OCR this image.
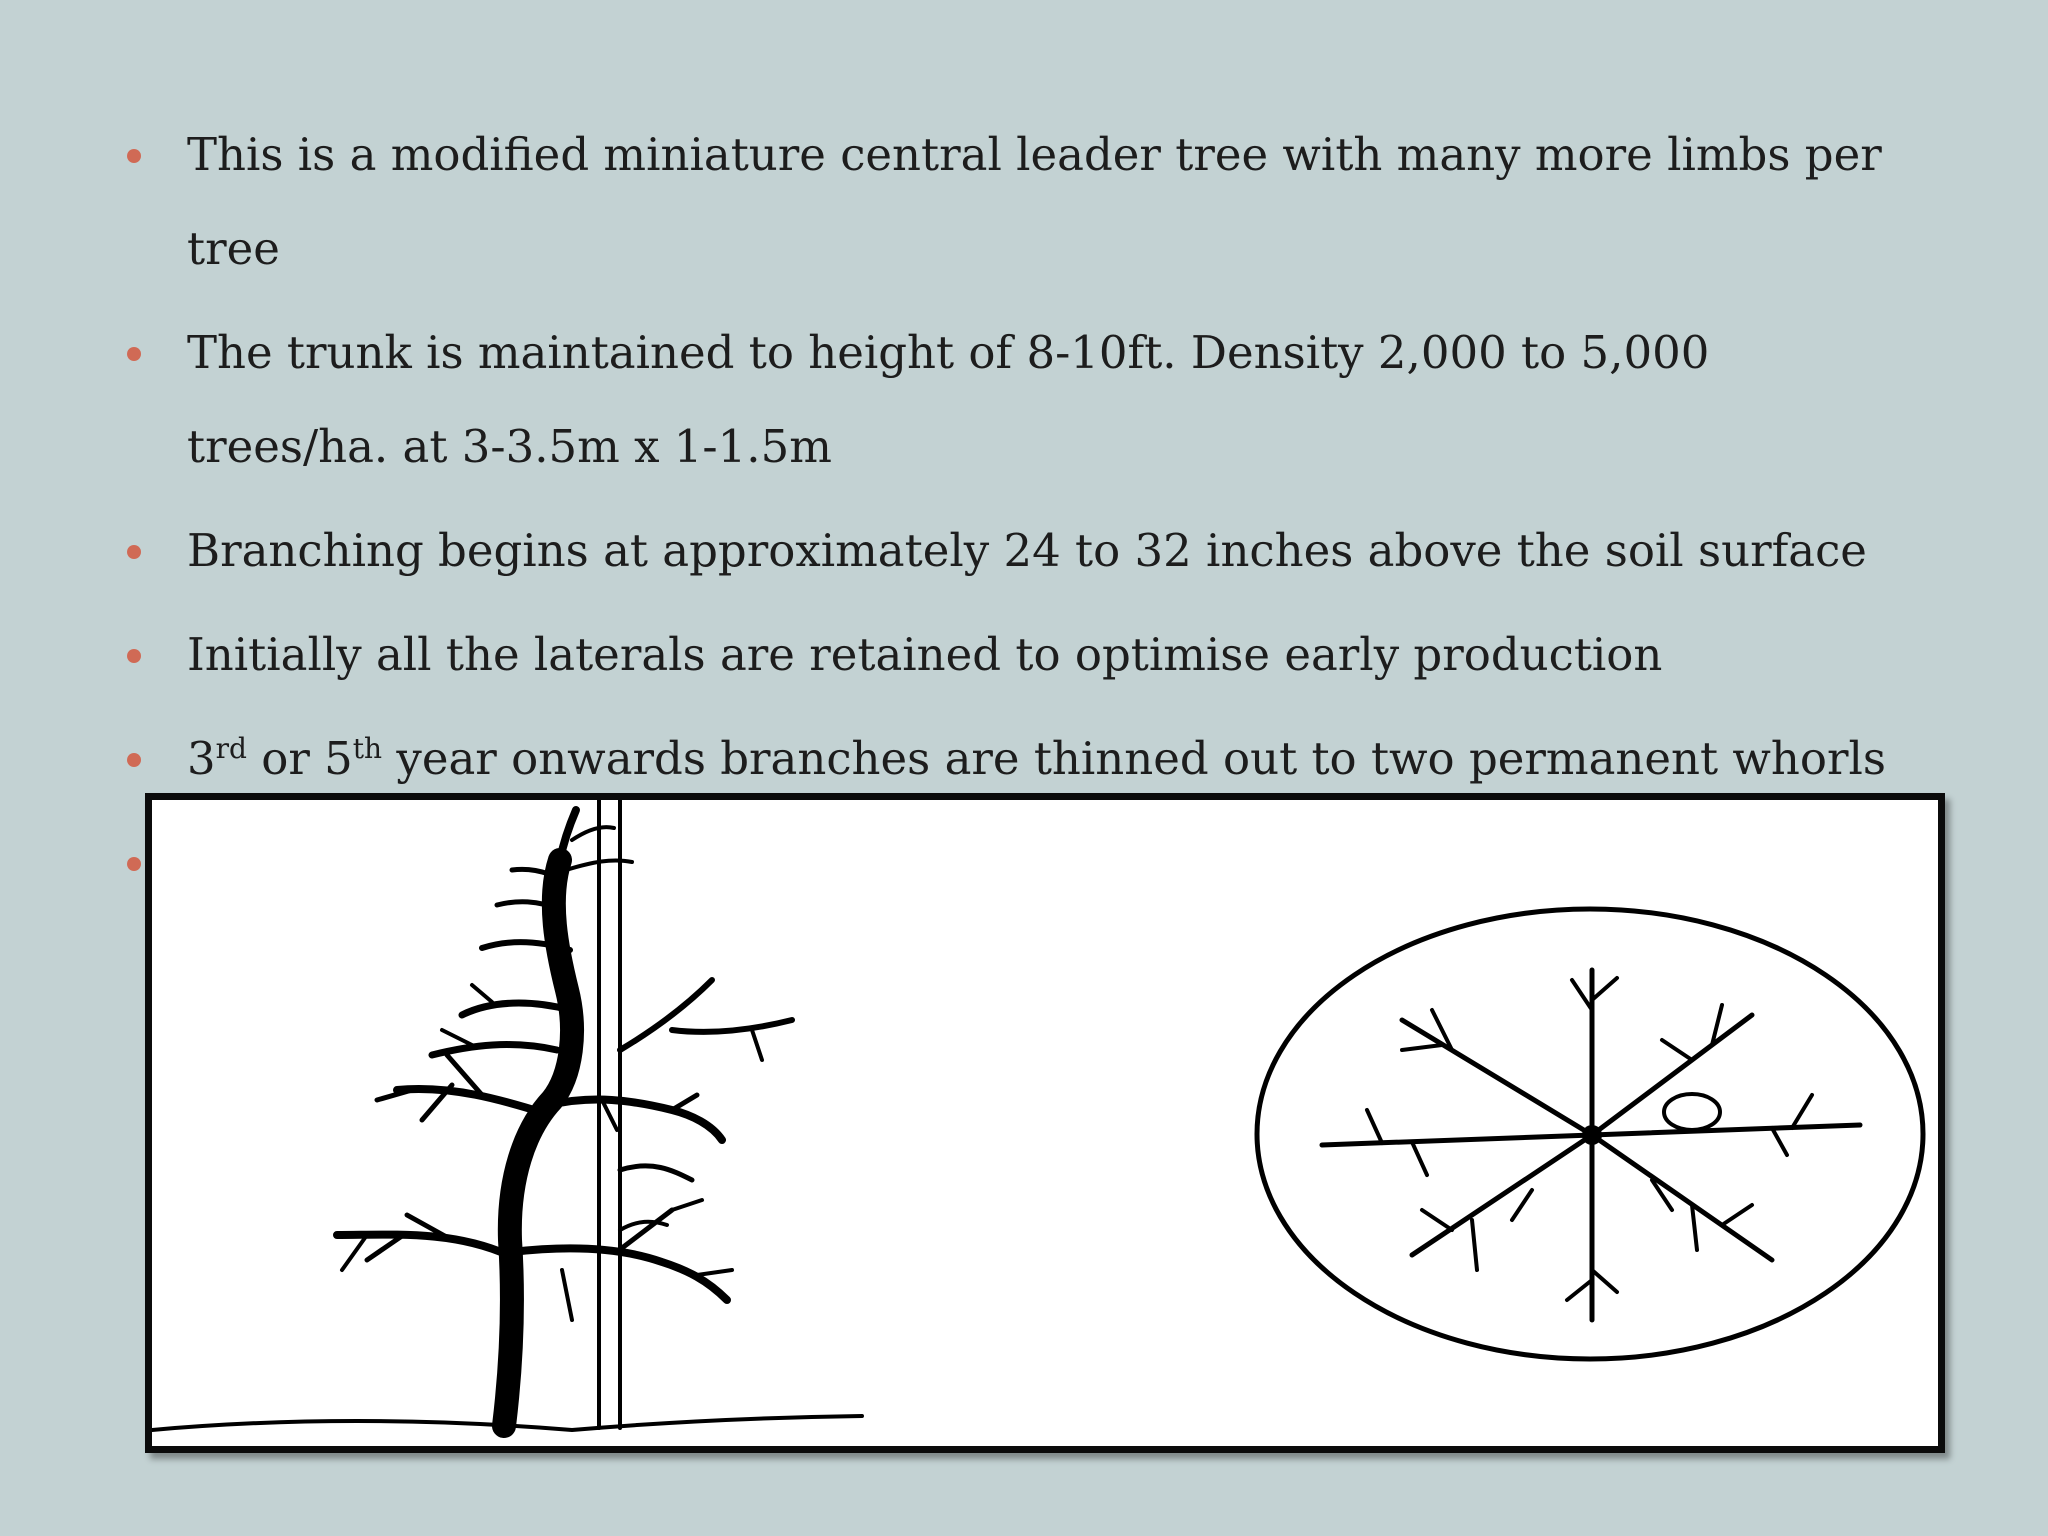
This is a modified miniature central leader tree with many more limbs per tree
The trunk is maintained to height of 8-10ft. Density 2,000 to 5,000 trees/ha. at 3-3.5m x 1-1.5m
Branching begins at approximately 24 to 32 inches above the soil surface
Initially all the laterals are retained to optimise early production
3rd or 5th year onwards branches are thinned out to two permanent whorls
